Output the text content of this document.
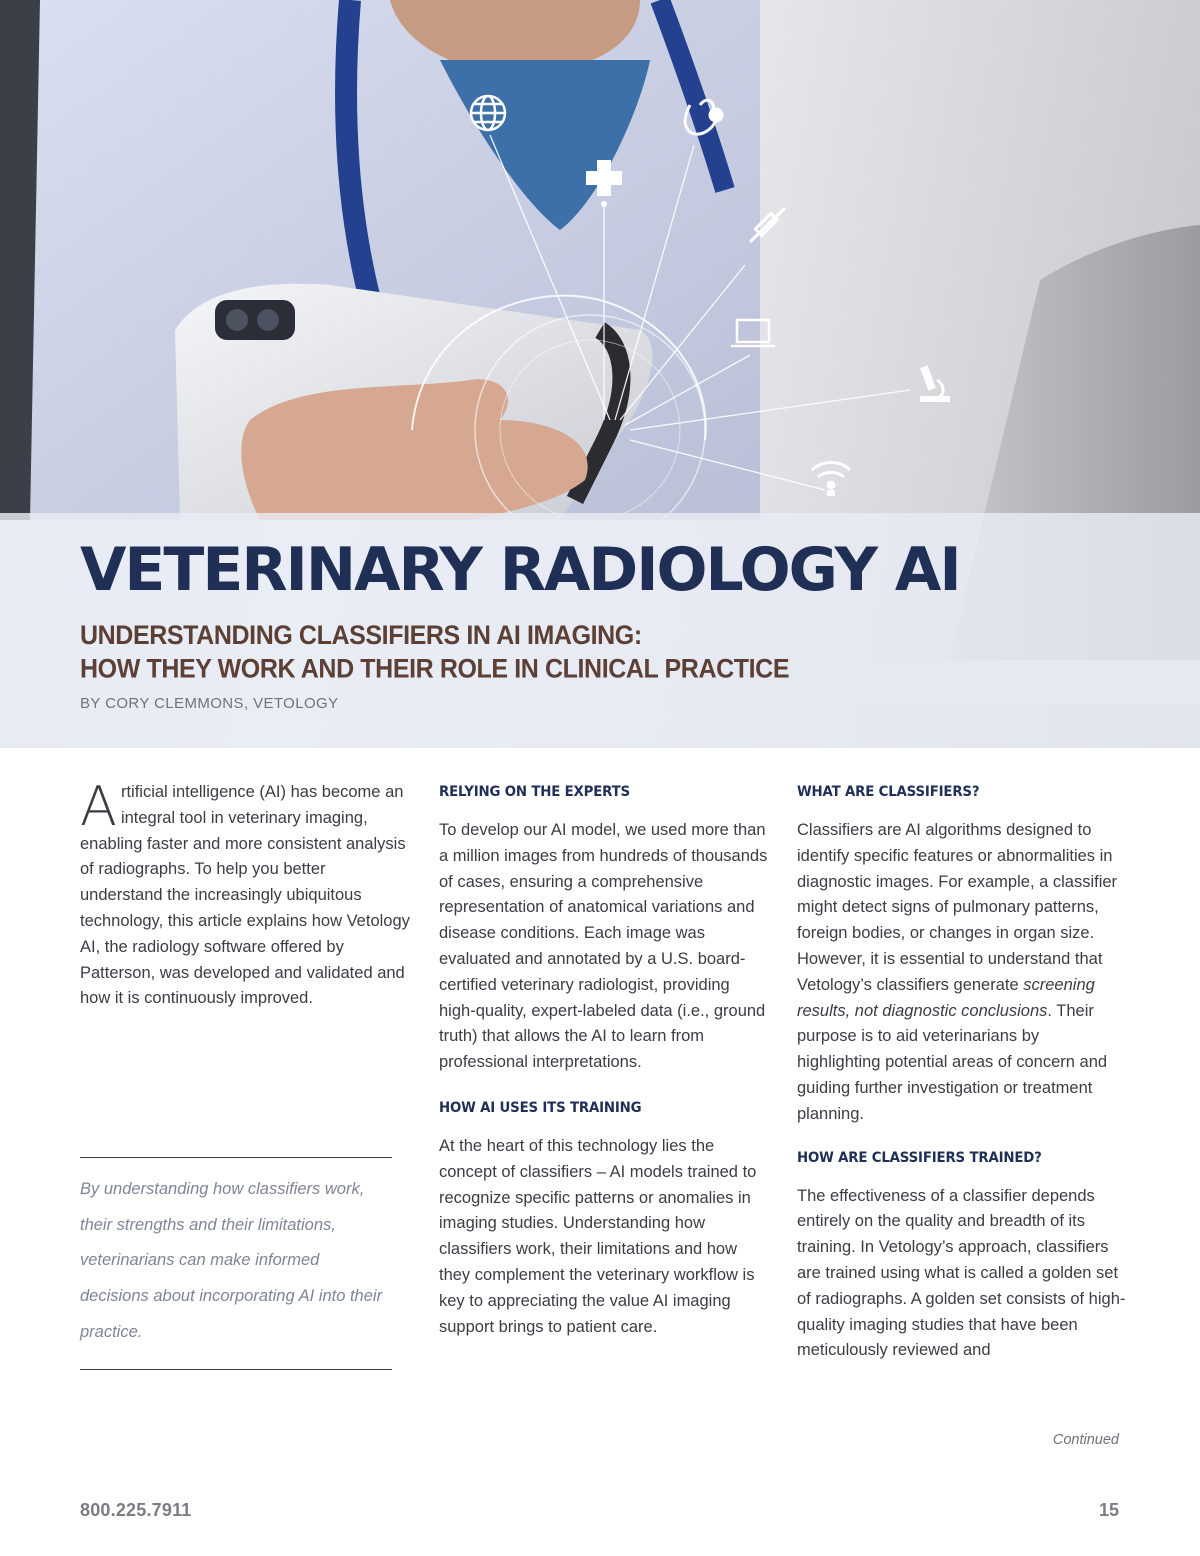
VETERINARY RADIOLOGY AI
UNDERSTANDING CLASSIFIERS IN AI IMAGING:
HOW THEY WORK AND THEIR ROLE IN CLINICAL PRACTICE

BY CORY CLEMMONS, VETOLOGY

Artificial intelligence (AI) has become an integral tool in veterinary imaging, enabling faster and more consistent analysis of radiographs. To help you better understand the increasingly ubiquitous technology, this article explains how Vetology AI, the radiology software offered by Patterson, was developed and validated and how it is continuously improved.

By understanding how classifiers work, their strengths and their limitations, veterinarians can make informed decisions about incorporating AI into their practice.

RELYING ON THE EXPERTS

To develop our AI model, we used more than a million images from hundreds of thousands of cases, ensuring a comprehensive representation of anatomical variations and disease conditions. Each image was evaluated and annotated by a U.S. board-certified veterinary radiologist, providing high-quality, expert-labeled data (i.e., ground truth) that allows the AI to learn from professional interpretations.

HOW AI USES ITS TRAINING

At the heart of this technology lies the concept of classifiers – AI models trained to recognize specific patterns or anomalies in imaging studies. Understanding how classifiers work, their limitations and how they complement the veterinary workflow is key to appreciating the value AI imaging support brings to patient care.

WHAT ARE CLASSIFIERS?

Classifiers are AI algorithms designed to identify specific features or abnormalities in diagnostic images. For example, a classifier might detect signs of pulmonary patterns, foreign bodies, or changes in organ size. However, it is essential to understand that Vetology’s classifiers generate screening results, not diagnostic conclusions. Their purpose is to aid veterinarians by highlighting potential areas of concern and guiding further investigation or treatment planning.

HOW ARE CLASSIFIERS TRAINED?

The effectiveness of a classifier depends entirely on the quality and breadth of its training. In Vetology’s approach, classifiers are trained using what is called a golden set of radiographs. A golden set consists of high-quality imaging studies that have been meticulously reviewed and

Continued
800.225.7911	15
